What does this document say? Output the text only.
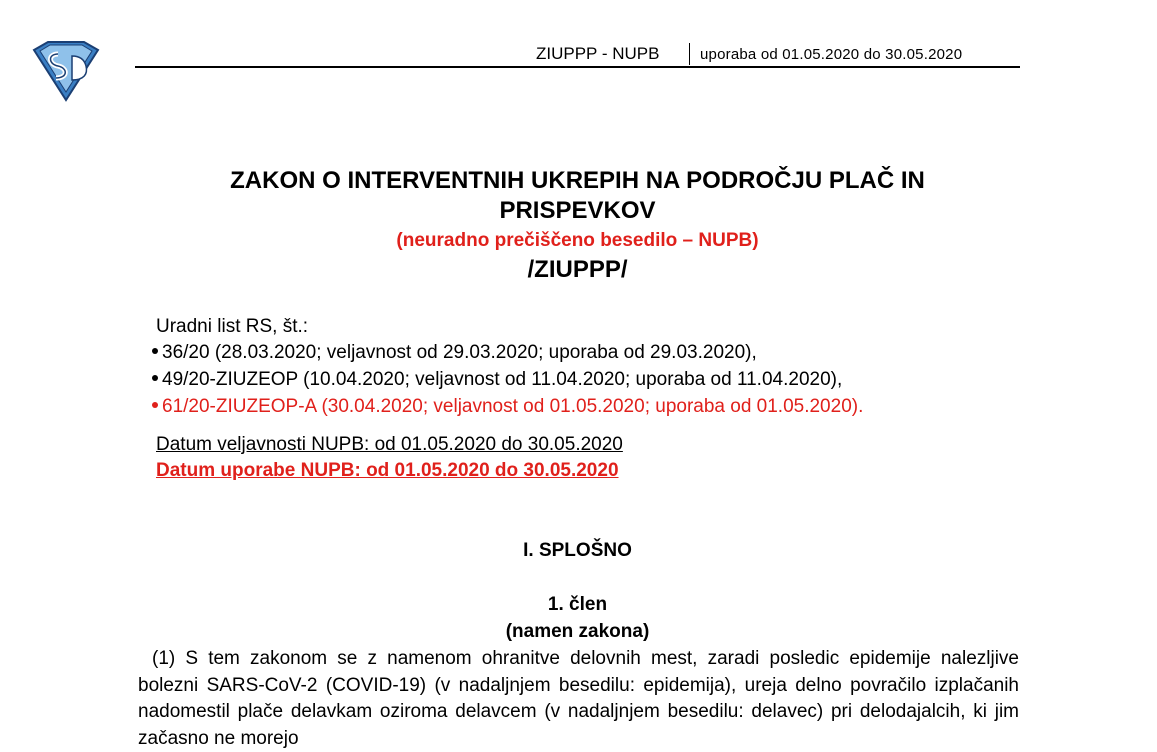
ZIUPPP - NUPB	uporaba od 01.05.2020 do 30.05.2020
ZAKON O INTERVENTNIH UKREPIH NA PODROČJU PLAČ IN
PRISPEVKOV
(neuradno prečiščeno besedilo – NUPB)
/ZIUPPP/
Uradni list RS, št.:
36/20 (28.03.2020; veljavnost od 29.03.2020; uporaba od 29.03.2020),
49/20-ZIUZEOP (10.04.2020; veljavnost od 11.04.2020; uporaba od 11.04.2020),
61/20-ZIUZEOP-A (30.04.2020; veljavnost od 01.05.2020; uporaba od 01.05.2020).
Datum veljavnosti NUPB: od 01.05.2020 do 30.05.2020
Datum uporabe NUPB: od 01.05.2020 do 30.05.2020
I. SPLOŠNO
1. člen
(namen zakona)
(1) S tem zakonom se z namenom ohranitve delovnih mest, zaradi posledic epidemije nalezljive bolezni SARS-CoV-2 (COVID-19) (v nadaljnjem besedilu: epidemija), ureja delno povračilo izplačanih nadomestil plače delavkam oziroma delavcem (v nadaljnjem besedilu: delavec) pri delodajalcih, ki jim začasno ne morejo
